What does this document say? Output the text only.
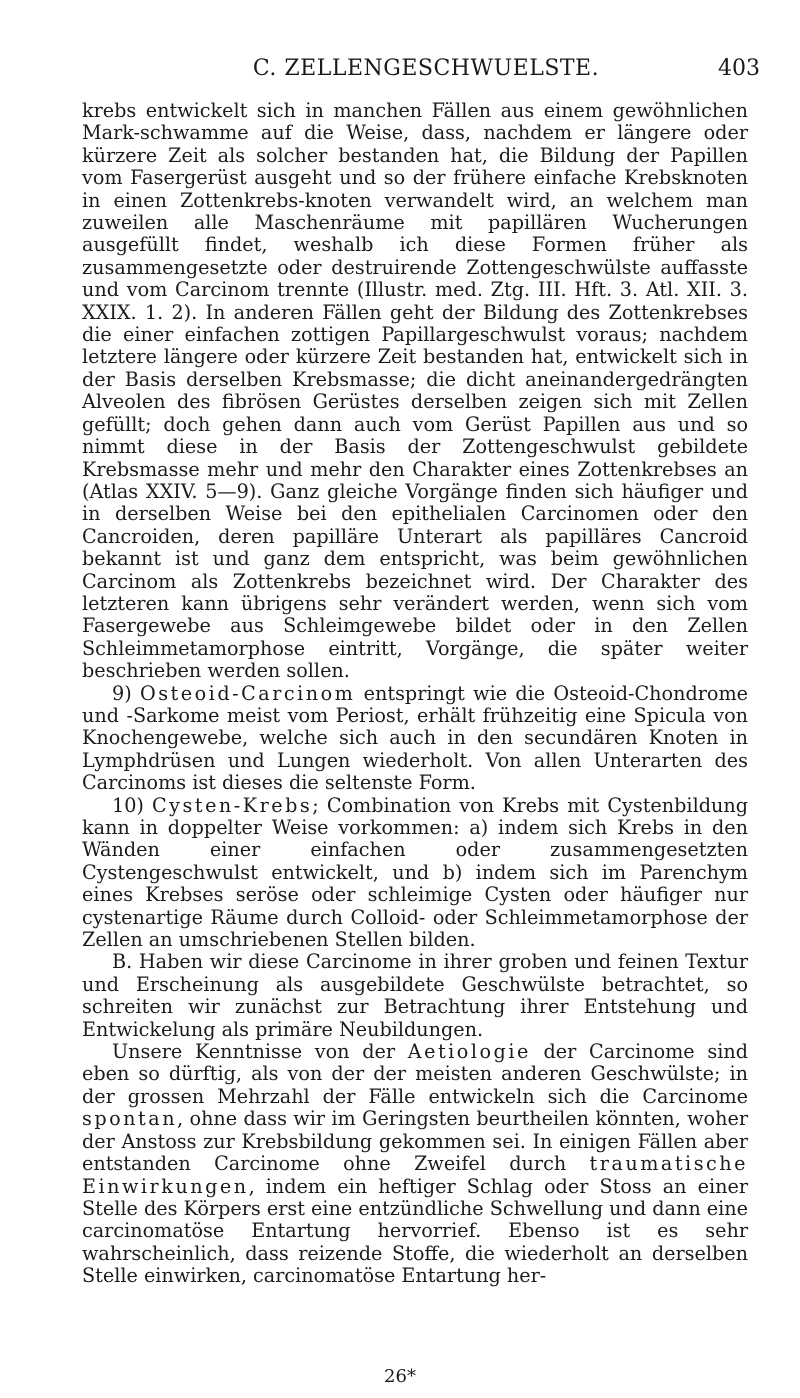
C. ZELLENGESCHWUELSTE.	403

krebs entwickelt sich in manchen Fällen aus einem gewöhnlichen Mark-schwamme auf die Weise, dass, nachdem er längere oder kürzere Zeit als solcher bestanden hat, die Bildung der Papillen vom Fasergerüst ausgeht und so der frühere einfache Krebsknoten in einen Zottenkrebs-knoten verwandelt wird, an welchem man zuweilen alle Maschenräume mit papillären Wucherungen ausgefüllt findet, weshalb ich diese Formen früher als zusammengesetzte oder destruirende Zottengeschwülste auffasste und vom Carcinom trennte (Illustr. med. Ztg. III. Hft. 3. Atl. XII. 3. XXIX. 1. 2). In anderen Fällen geht der Bildung des Zottenkrebses die einer einfachen zottigen Papillargeschwulst voraus; nachdem letztere längere oder kürzere Zeit bestanden hat, entwickelt sich in der Basis derselben Krebsmasse; die dicht aneinandergedrängten Alveolen des fibrösen Gerüstes derselben zeigen sich mit Zellen gefüllt; doch gehen dann auch vom Gerüst Papillen aus und so nimmt diese in der Basis der Zottengeschwulst gebildete Krebsmasse mehr und mehr den Charakter eines Zottenkrebses an (Atlas XXIV. 5—9). Ganz gleiche Vorgänge finden sich häufiger und in derselben Weise bei den epithelialen Carcinomen oder den Cancroiden, deren papilläre Unterart als papilläres Cancroid bekannt ist und ganz dem entspricht, was beim gewöhnlichen Carcinom als Zottenkrebs bezeichnet wird. Der Charakter des letzteren kann übrigens sehr verändert werden, wenn sich vom Fasergewebe aus Schleimgewebe bildet oder in den Zellen Schleimmetamorphose eintritt, Vorgänge, die später weiter beschrieben werden sollen.

9) Osteoid-Carcinom entspringt wie die Osteoid-Chondrome und -Sarkome meist vom Periost, erhält frühzeitig eine Spicula von Knochengewebe, welche sich auch in den secundären Knoten in Lymphdrüsen und Lungen wiederholt. Von allen Unterarten des Carcinoms ist dieses die seltenste Form.

10) Cysten-Krebs; Combination von Krebs mit Cystenbildung kann in doppelter Weise vorkommen: a) indem sich Krebs in den Wänden einer einfachen oder zusammengesetzten Cystengeschwulst entwickelt, und b) indem sich im Parenchym eines Krebses seröse oder schleimige Cysten oder häufiger nur cystenartige Räume durch Colloid- oder Schleimmetamorphose der Zellen an umschriebenen Stellen bilden.

B. Haben wir diese Carcinome in ihrer groben und feinen Textur und Erscheinung als ausgebildete Geschwülste betrachtet, so schreiten wir zunächst zur Betrachtung ihrer Entstehung und Entwickelung als primäre Neubildungen.

Unsere Kenntnisse von der Aetiologie der Carcinome sind eben so dürftig, als von der der meisten anderen Geschwülste; in der grossen Mehrzahl der Fälle entwickeln sich die Carcinome spontan, ohne dass wir im Geringsten beurtheilen könnten, woher der Anstoss zur Krebsbildung gekommen sei. In einigen Fällen aber entstanden Carcinome ohne Zweifel durch traumatische Einwirkungen, indem ein heftiger Schlag oder Stoss an einer Stelle des Körpers erst eine entzündliche Schwellung und dann eine carcinomatöse Entartung hervorrief. Ebenso ist es sehr wahrscheinlich, dass reizende Stoffe, die wiederholt an derselben Stelle einwirken, carcinomatöse Entartung her-

26*
